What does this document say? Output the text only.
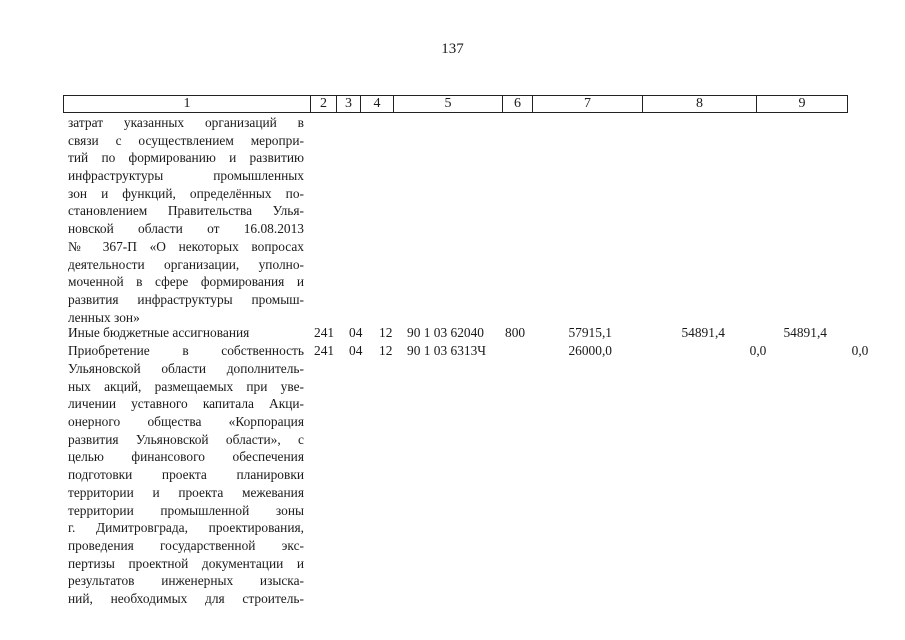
137
1	2	3	4	5	6	7	8	9
затрат указанных организаций в
связи с осуществлением меропри-
тий по формированию и развитию
инфраструктуры промышленных
зон и функций, определённых по-
становлением Правительства Улья-
новской области от 16.08.2013
№ 367-П «О некоторых вопросах
деятельности организации, уполно-
моченной в сфере формирования и
развития инфраструктуры промыш-
ленных зон»
Иные бюджетные ассигнования	241 04 12 90 1 03 62040 800	57915,1	54891,4	54891,4
Приобретение в собственность 241 04 12 90 1 03 6313Ч	26000,0	0,0	0,0
Ульяновской области дополнитель-
ных акций, размещаемых при уве-
личении уставного капитала Акци-
онерного общества «Корпорация
развития Ульяновской области», с
целью финансового обеспечения
подготовки проекта планировки
территории и проекта межевания
территории промышленной зоны
г. Димитровграда, проектирования,
проведения государственной экс-
пертизы проектной документации и
результатов инженерных изыска-
ний, необходимых для строитель-
